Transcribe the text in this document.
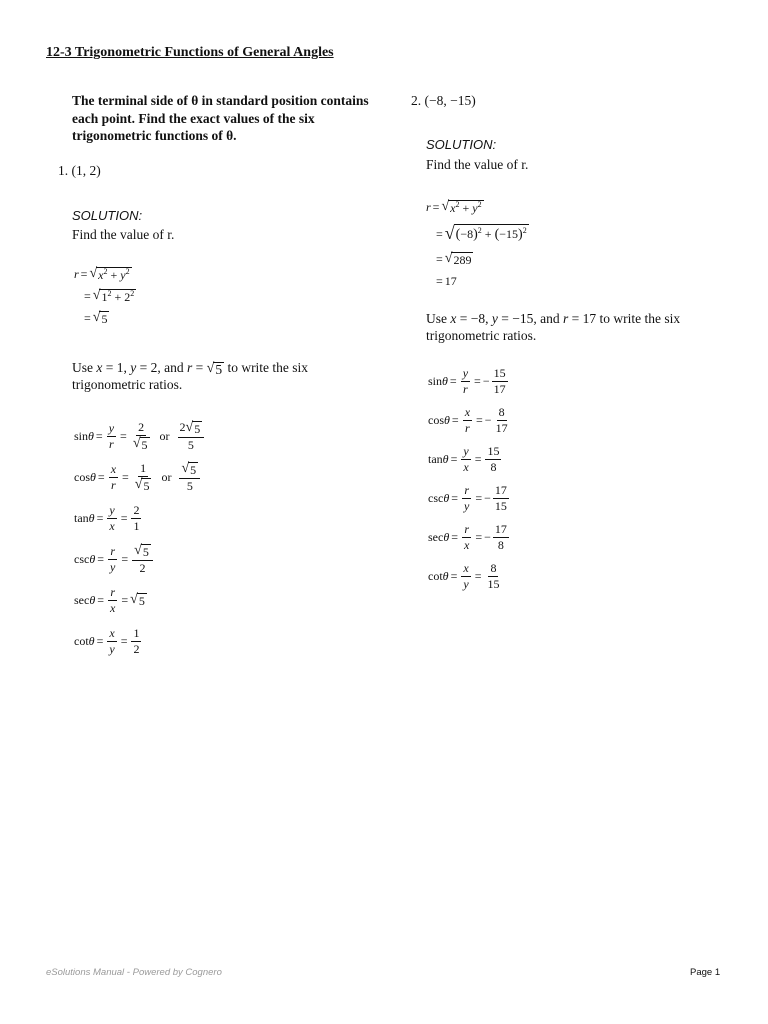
12-3 Trigonometric Functions of General Angles
The terminal side of θ in standard position contains each point. Find the exact values of the six trigonometric functions of θ.
1. (1, 2)
SOLUTION:
Find the value of r.
r = √ $x^2 + y^2$
= √ $1^2 + 2^2$
= √ 5
Use x = 1, y = 2, and r = √ 5 to write the six
trigonometric ratios.
$\sin \theta = \frac{y}{r} = \frac{2}{√ 5}$ or $\frac{2 √ 5}{5}$
$\cos \theta = \frac{x}{r} = \frac{1}{√ 5}$ or $\frac{√ 5}{5}$
$\tan \theta = \frac{y}{x} = \frac{2}{1}$
$\csc \theta = \frac{r}{y} = \frac{√ 5}{2}$
$\sec \theta = \frac{r}{x}$ = √ 5
$\cot \theta = \frac{x}{y} = \frac{1}{2}$
2. (−8, −15)
SOLUTION:
Find the value of r.
r = √ $x^2 + y^2$
= √ $(-8)^2 + (-15)^2$
= √ 289
= 17
Use x = −8, y = −15, and r = 17 to write the six
trigonometric ratios.
$\sin \theta = \frac{y}{r}$ = − $\frac{15}{17}$
$\cos \theta = \frac{x}{r}$ = − $\frac{8}{17}$
$\tan \theta = \frac{y}{x} = \frac{15}{8}$
$\csc \theta = \frac{r}{y}$ = − $\frac{17}{15}$
$\sec \theta = \frac{r}{x}$ = − $\frac{17}{8}$
$\cot \theta = \frac{x}{y} = \frac{8}{15}$
eSolutions Manual - Powered by Cognero	Page 1
